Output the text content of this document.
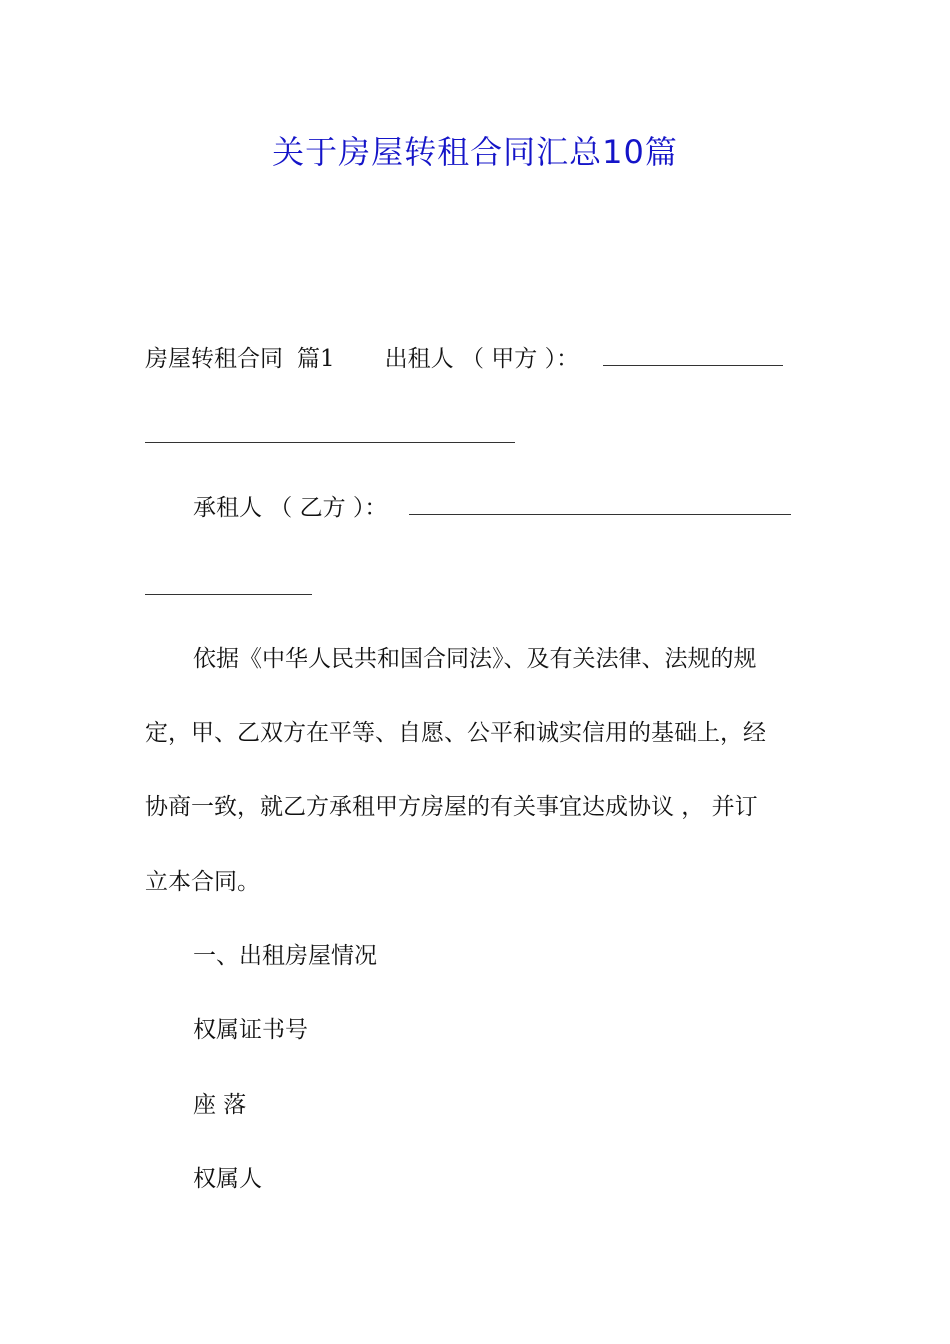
关于房屋转租合同汇总10篇
房屋转租合同 篇1 出租人 （ 甲方 ）：
承租人 （ 乙方 ）：
依据《中华人民共和国合同法》、及有关法律、法规的规
定，甲、乙双方在平等、自愿、公平和诚实信用的基础上，经
协商一致，就乙方承租甲方房屋的有关事宜达成协议 ， 并订
立本合同。
一、出租房屋情况
权属证书号
座 落
权属人
